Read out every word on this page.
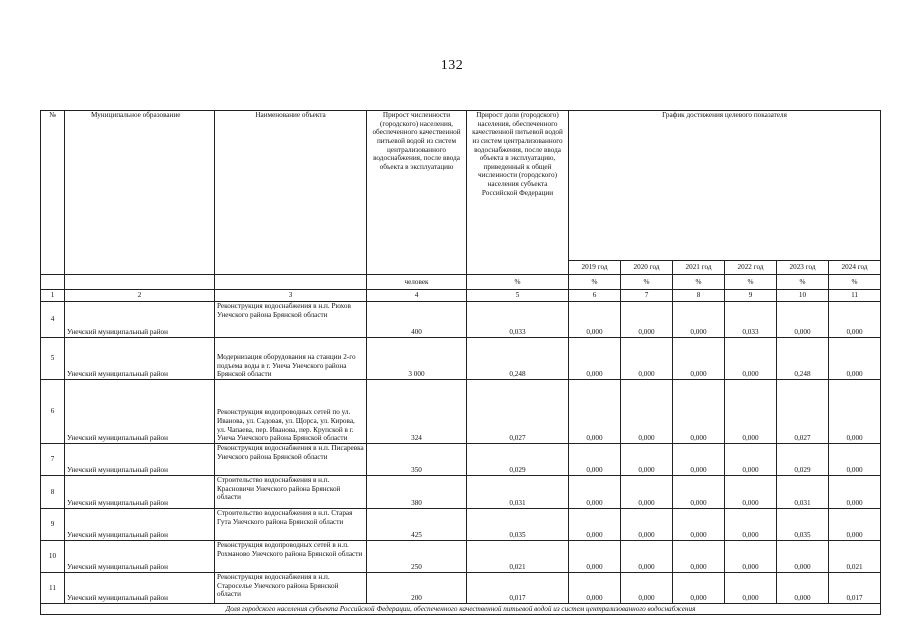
132
№	Муниципальное образование	Наименование объекта	Прирост численности (городского) населения, обеспеченного качественной питьевой водой из систем централизованного водоснабжения, после ввода объекта в эксплуатацию	Прирост доли (городского) населения, обеспеченного качественной питьевой водой из систем централизованного водоснабжения, после ввода объекта в эксплуатацию, приведенный к общей численности (городского) населения субъекта Российской Федерации	График достижения целевого показателя					
					2019 год	2020 год	2021 год	2022 год	2023 год	2024 год
			человек	%	%	%	%	%	%	%
1	2	3	4	5	6	7	8	9	10	11
4	Унечский муниципальный район	Реконструкция водоснабжения в н.п. Рюхов Унечского района Брянской области	400	0,033	0,000	0,000	0,000	0,033	0,000	0,000
5	Унечский муниципальный район	Модернизация оборудования на станции 2-го подъема воды в г. Унеча Унечского района Брянской области	3 000	0,248	0,000	0,000	0,000	0,000	0,248	0,000
6	Унечский муниципальный район	Реконструкция водопроводных сетей по ул. Иванова, ул. Садовая, ул. Щорса, ул. Кирова, ул. Чапаева, пер. Иванова, пер. Крупской в г. Унеча Унечского района Брянской области	324	0,027	0,000	0,000	0,000	0,000	0,027	0,000
7	Унечский муниципальный район	Реконструкция водоснабжения в н.п. Писаревка Унечского района Брянской области	350	0,029	0,000	0,000	0,000	0,000	0,029	0,000
8	Унечский муниципальный район	Строительство водоснабжения в н.п. Красновичи Унечского района Брянской области	380	0,031	0,000	0,000	0,000	0,000	0,031	0,000
9	Унечский муниципальный район	Строительство водоснабжения в н.п. Старая Гута Унечского района Брянской области	425	0,035	0,000	0,000	0,000	0,000	0,035	0,000
10	Унечский муниципальный район	Реконструкция водопроводных сетей в н.п. Рохманово Унечского района Брянской области	250	0,021	0,000	0,000	0,000	0,000	0,000	0,021
11	Унечский муниципальный район	Реконструкция водоснабжения в н.п. Староселье Унечского района Брянской области	200	0,017	0,000	0,000	0,000	0,000	0,000	0,017
Доля городского населения субъекта Российской Федерации, обеспеченного качественной питьевой водой из систем централизованного водоснабжения										
